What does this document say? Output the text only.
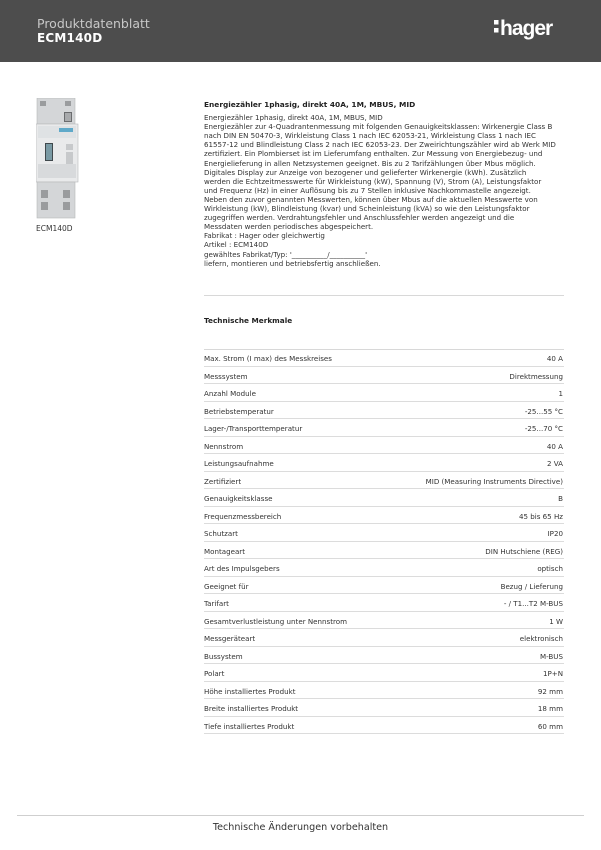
Produktdatenblatt
ECM140D	hager
ECM140D
Energiezähler 1phasig, direkt 40A, 1M, MBUS, MID
Energiezähler 1phasig, direkt 40A, 1M, MBUS, MID
Energiezähler zur 4-Quadrantenmessung mit folgenden Genauigkeitsklassen: Wirkenergie Class B
nach DIN EN 50470-3, Wirkleistung Class 1 nach IEC 62053-21, Wirkleistung Class 1 nach IEC
61557-12 und Blindleistung Class 2 nach IEC 62053-23. Der Zweirichtungszähler wird ab Werk MID
zertifiziert. Ein Plombierset ist im Lieferumfang enthalten. Zur Messung von Energiebezug- und
Energielieferung in allen Netzsystemen geeignet. Bis zu 2 Tarifzählungen über Mbus möglich.
Digitales Display zur Anzeige von bezogener und gelieferter Wirkenergie (kWh). Zusätzlich
werden die Echtzeitmesswerte für Wirkleistung (kW), Spannung (V), Strom (A), Leistungsfaktor
und Frequenz (Hz) in einer Auflösung bis zu 7 Stellen inklusive Nachkommastelle angezeigt.
Neben den zuvor genannten Messwerten, können über Mbus auf die aktuellen Messwerte von
Wirkleistung (kW), Blindleistung (kvar) und Scheinleistung (kVA) so wie den Leistungsfaktor
zugegriffen werden. Verdrahtungsfehler und Anschlussfehler werden angezeigt und die
Messdaten werden periodisches abgespeichert.
Fabrikat : Hager oder gleichwertig
Artikel : ECM140D
gewähltes Fabrikat/Typ: '__________/__________'
liefern, montieren und betriebsfertig anschließen.
Technische Merkmale
Max. Strom (I max) des Messkreises	40 A
Messsystem	Direktmessung
Anzahl Module	1
Betriebstemperatur	-25...55 °C
Lager-/Transporttemperatur	-25...70 °C
Nennstrom	40 A
Leistungsaufnahme	2 VA
Zertifiziert	MID (Measuring Instruments Directive)
Genauigkeitsklasse	B
Frequenzmessbereich	45 bis 65 Hz
Schutzart	IP20
Montageart	DIN Hutschiene (REG)
Art des Impulsgebers	optisch
Geeignet für	Bezug / Lieferung
Tarifart	- / T1...T2 M-BUS
Gesamtverlustleistung unter Nennstrom	1 W
Messgeräteart	elektronisch
Bussystem	M-BUS
Polart	1P+N
Höhe installiertes Produkt	92 mm
Breite installiertes Produkt	18 mm
Tiefe installiertes Produkt	60 mm
Technische Änderungen vorbehalten
